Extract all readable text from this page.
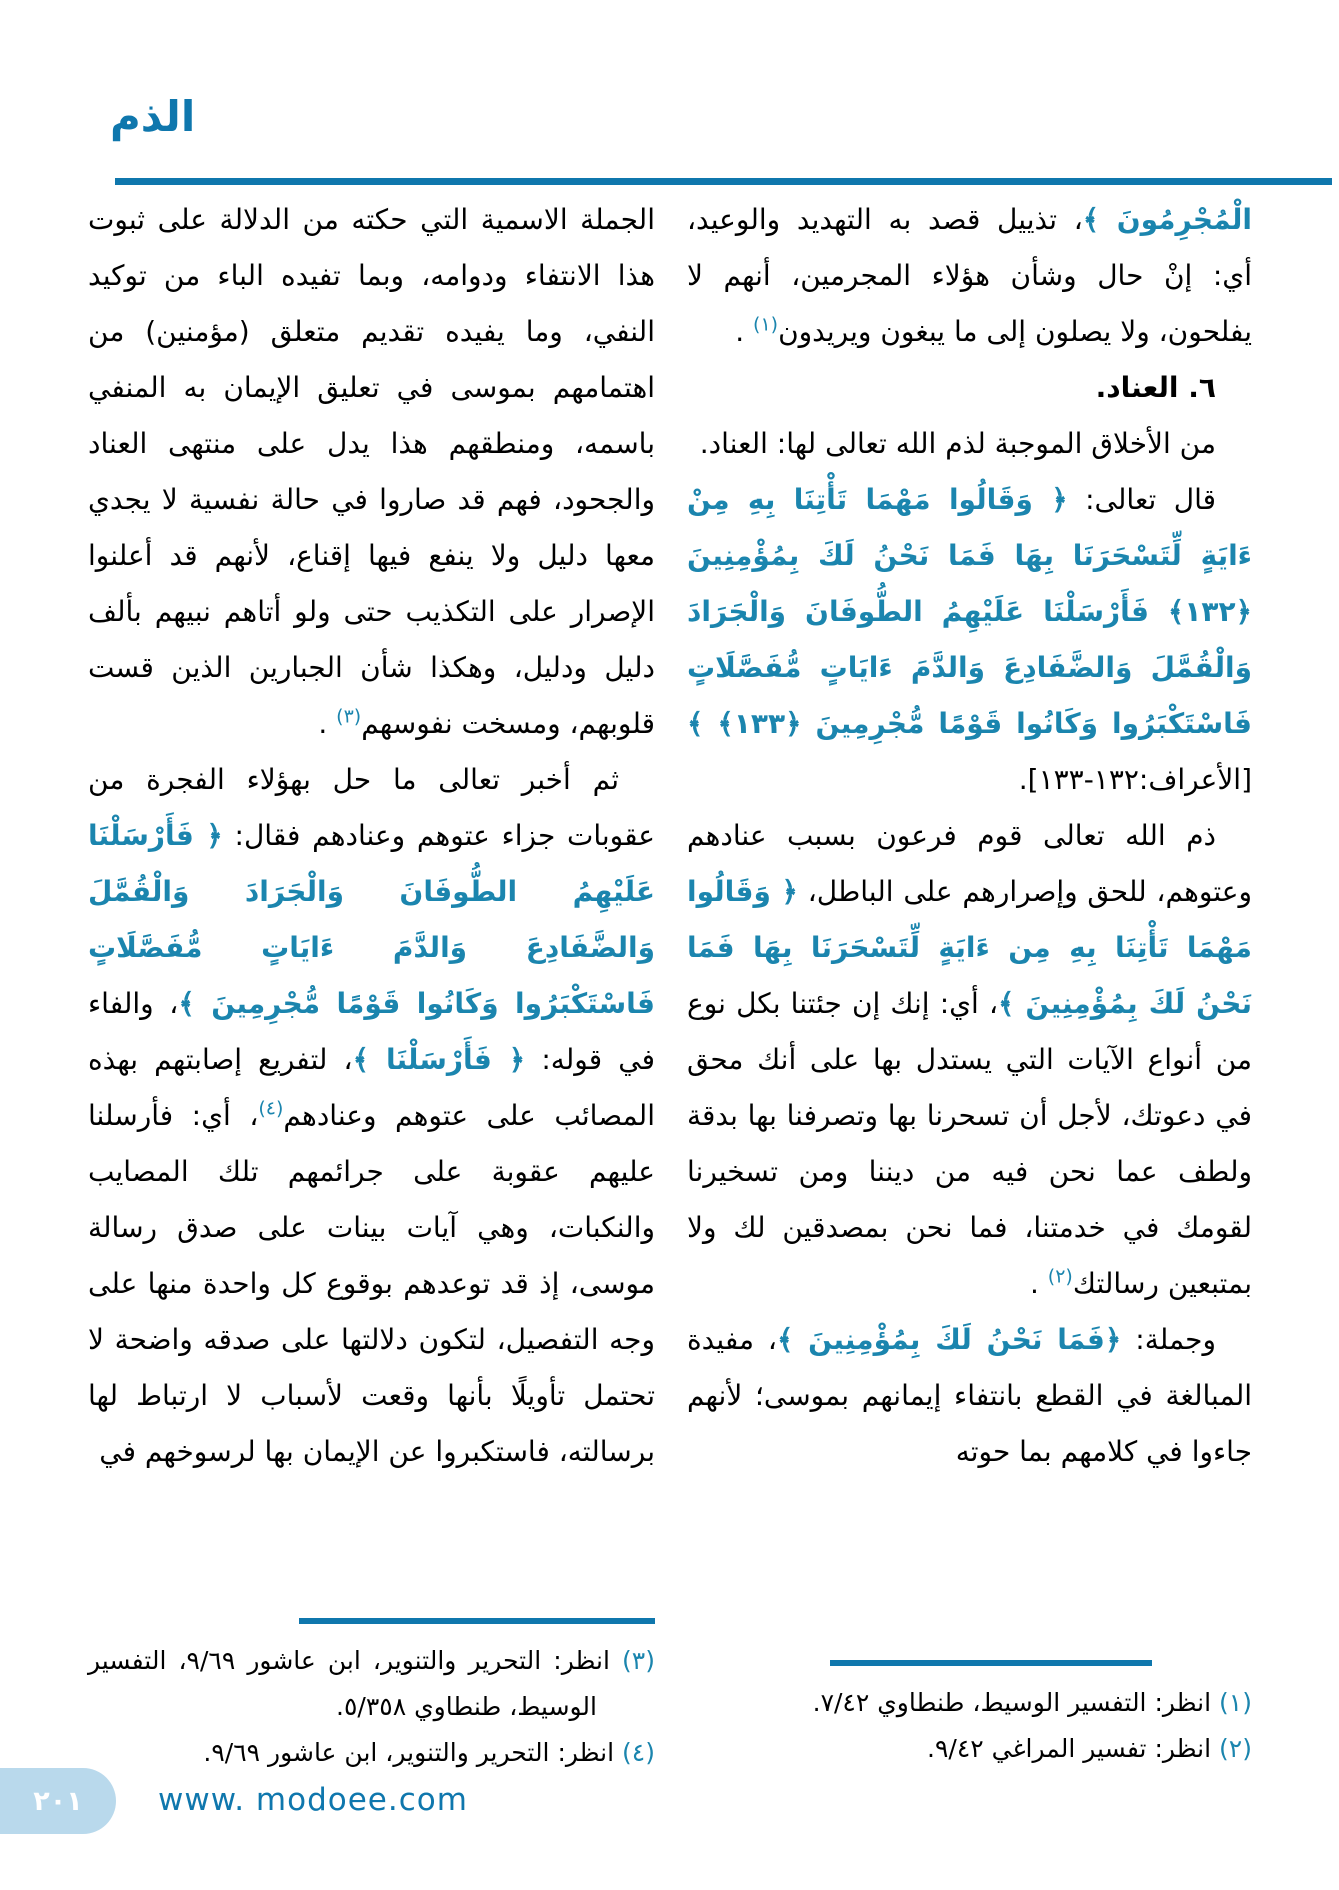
الذم

الْمُجْرِمُونَ ﴾، تذييل قصد به التهديد والوعيد، أي: إنْ حال وشأن هؤلاء المجرمين، أنهم لا يفلحون، ولا يصلون إلى ما يبغون ويريدون$^{(١)}$ .

٦. العناد.

من الأخلاق الموجبة لذم الله تعالى لها: العناد.

قال تعالى: ﴿ وَقَالُوا مَهْمَا تَأْتِنَا بِهِ مِنْ ءَايَةٍ لِّتَسْحَرَنَا بِهَا فَمَا نَحْنُ لَكَ بِمُؤْمِنِينَ ﴿١٣٢﴾ فَأَرْسَلْنَا عَلَيْهِمُ الطُّوفَانَ وَالْجَرَادَ وَالْقُمَّلَ وَالضَّفَادِعَ وَالدَّمَ ءَايَاتٍ مُّفَصَّلَاتٍ فَاسْتَكْبَرُوا وَكَانُوا قَوْمًا مُّجْرِمِينَ ﴿١٣٣﴾ ﴾ [الأعراف:١٣٢-١٣٣].

ذم الله تعالى قوم فرعون بسبب عنادهم وعتوهم، للحق وإصرارهم على الباطل، ﴿ وَقَالُوا مَهْمَا تَأْتِنَا بِهِ مِن ءَايَةٍ لِّتَسْحَرَنَا بِهَا فَمَا نَحْنُ لَكَ بِمُؤْمِنِينَ ﴾، أي: إنك إن جئتنا بكل نوع من أنواع الآيات التي يستدل بها على أنك محق في دعوتك، لأجل أن تسحرنا بها وتصرفنا بها بدقة ولطف عما نحن فيه من ديننا ومن تسخيرنا لقومك في خدمتنا، فما نحن بمصدقين لك ولا بمتبعين رسالتك$^{(٢)}$ .

وجملة: ﴿فَمَا نَحْنُ لَكَ بِمُؤْمِنِينَ ﴾، مفيدة المبالغة في القطع بانتفاء إيمانهم بموسى؛ لأنهم جاءوا في كلامهم بما حوته

(١) انظر: التفسير الوسيط، طنطاوي ٧/٤٢.
(٢) انظر: تفسير المراغي ٩/٤٢.

الجملة الاسمية التي حكته من الدلالة على ثبوت هذا الانتفاء ودوامه، وبما تفيده الباء من توكيد النفي، وما يفيده تقديم متعلق (مؤمنين) من اهتمامهم بموسى في تعليق الإيمان به المنفي باسمه، ومنطقهم هذا يدل على منتهى العناد والجحود، فهم قد صاروا في حالة نفسية لا يجدي معها دليل ولا ينفع فيها إقناع، لأنهم قد أعلنوا الإصرار على التكذيب حتى ولو أتاهم نبيهم بألف دليل ودليل، وهكذا شأن الجبارين الذين قست قلوبهم، ومسخت نفوسهم$^{(٣)}$ .

ثم أخبر تعالى ما حل بهؤلاء الفجرة من عقوبات جزاء عتوهم وعنادهم فقال: ﴿ فَأَرْسَلْنَا عَلَيْهِمُ الطُّوفَانَ وَالْجَرَادَ وَالْقُمَّلَ وَالضَّفَادِعَ وَالدَّمَ ءَايَاتٍ مُّفَصَّلَاتٍ فَاسْتَكْبَرُوا وَكَانُوا قَوْمًا مُّجْرِمِينَ ﴾، والفاء في قوله: ﴿ فَأَرْسَلْنَا ﴾، لتفريع إصابتهم بهذه المصائب على عتوهم وعنادهم$^{(٤)}$، أي: فأرسلنا عليهم عقوبة على جرائمهم تلك المصايب والنكبات، وهي آيات بينات على صدق رسالة موسى، إذ قد توعدهم بوقوع كل واحدة منها على وجه التفصيل، لتكون دلالتها على صدقه واضحة لا تحتمل تأويلًا بأنها وقعت لأسباب لا ارتباط لها برسالته، فاستكبروا عن الإيمان بها لرسوخهم في

(٣) انظر: التحرير والتنوير، ابن عاشور ٩/٦٩، التفسير الوسيط، طنطاوي ٥/٣٥٨.
(٤) انظر: التحرير والتنوير، ابن عاشور ٩/٦٩.
٢٠١ www. modoee.com
